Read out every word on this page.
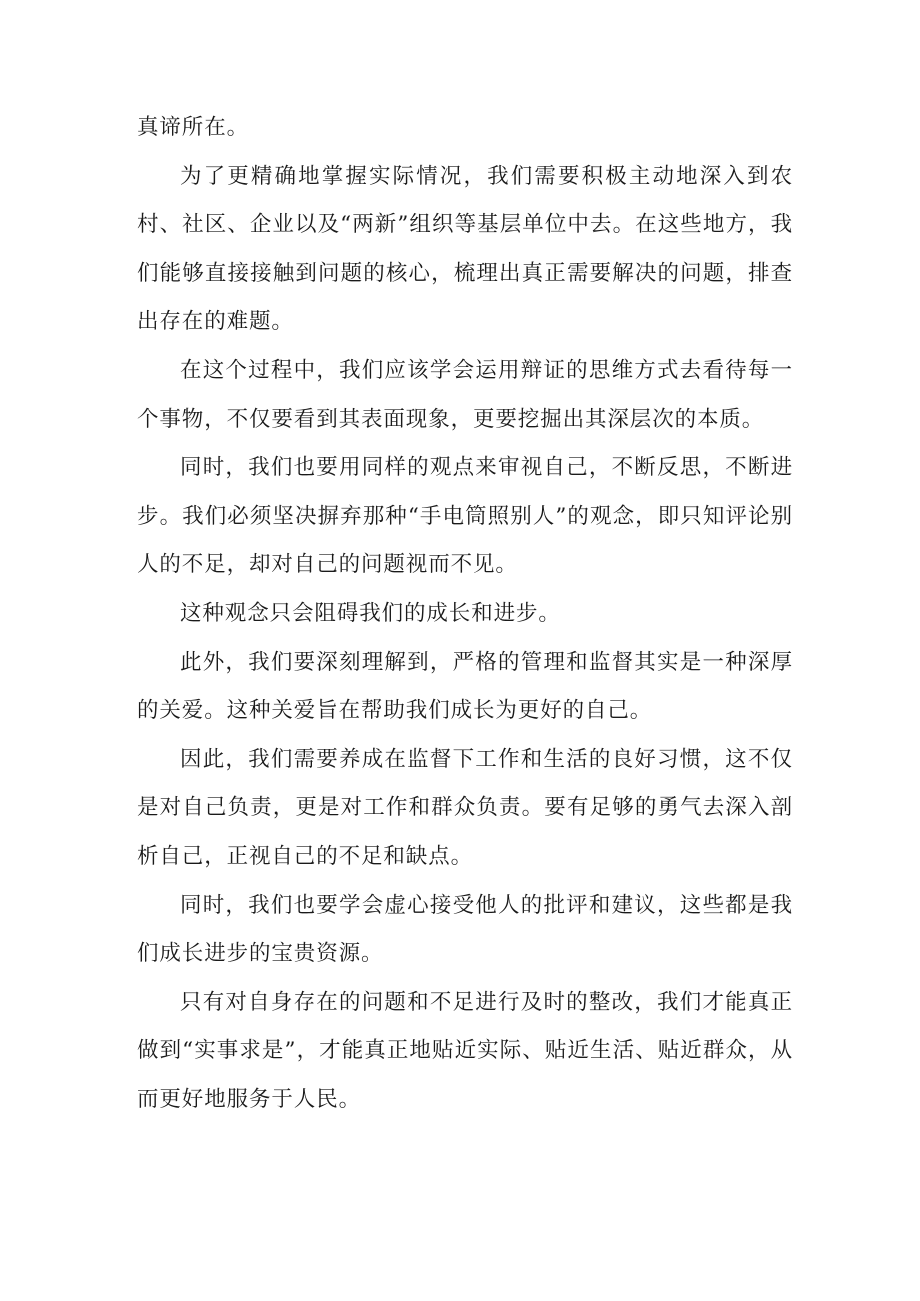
真谛所在。

为了更精确地掌握实际情况，我们需要积极主动地深入到农村、社区、企业以及“两新”组织等基层单位中去。在这些地方，我们能够直接接触到问题的核心，梳理出真正需要解决的问题，排查出存在的难题。

在这个过程中，我们应该学会运用辩证的思维方式去看待每一个事物，不仅要看到其表面现象，更要挖掘出其深层次的本质。

同时，我们也要用同样的观点来审视自己，不断反思，不断进步。我们必须坚决摒弃那种“手电筒照别人”的观念，即只知评论别人的不足，却对自己的问题视而不见。

这种观念只会阻碍我们的成长和进步。

此外，我们要深刻理解到，严格的管理和监督其实是一种深厚的关爱。这种关爱旨在帮助我们成长为更好的自己。

因此，我们需要养成在监督下工作和生活的良好习惯，这不仅是对自己负责，更是对工作和群众负责。要有足够的勇气去深入剖析自己，正视自己的不足和缺点。

同时，我们也要学会虚心接受他人的批评和建议，这些都是我们成长进步的宝贵资源。

只有对自身存在的问题和不足进行及时的整改，我们才能真正做到“实事求是”，才能真正地贴近实际、贴近生活、贴近群众，从而更好地服务于人民。
